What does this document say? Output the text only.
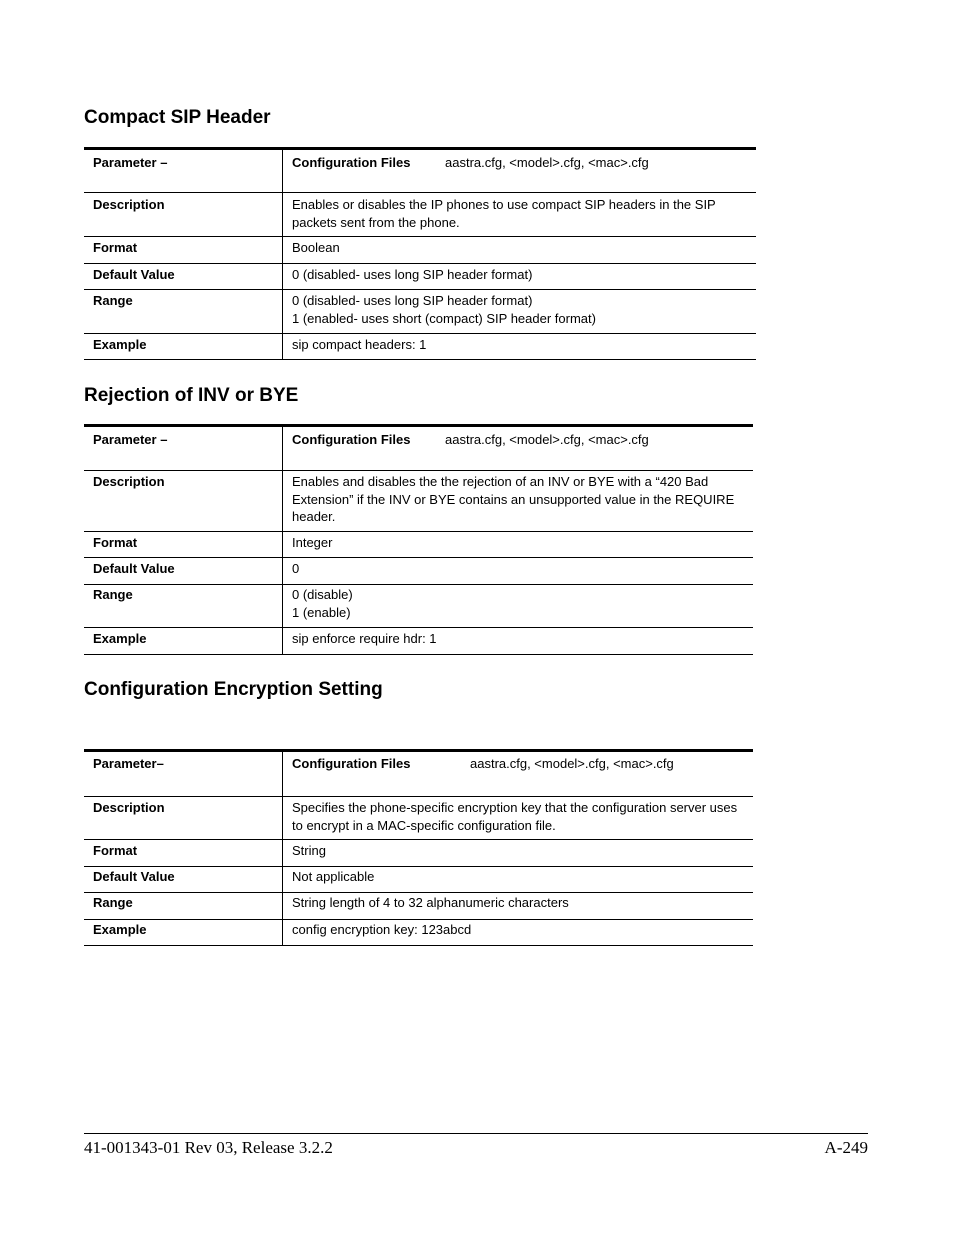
Compact SIP Header
Parameter –	Configuration Files aastra.cfg, <model>.cfg, <mac>.cfg
Description	Enables or disables the IP phones to use compact SIP headers in the SIP packets sent from the phone.

Format	Boolean

Default Value	0 (disabled- uses long SIP header format)

Range	0 (disabled- uses long SIP header format)
1 (enabled- uses short (compact) SIP header format)

Example	sip compact headers: 1
Rejection of INV or BYE
Parameter –	Configuration Files aastra.cfg, <model>.cfg, <mac>.cfg
Description	Enables and disables the the rejection of an INV or BYE with a “420 Bad Extension” if the INV or BYE contains an unsupported value in the REQUIRE header.

Format	Integer

Default Value	0

Range	0 (disable)
1 (enable)

Example	sip enforce require hdr: 1
Configuration Encryption Setting
Parameter–	Configuration Files aastra.cfg, <model>.cfg, <mac>.cfg
Description	Specifies the phone-specific encryption key that the configuration server uses to encrypt in a MAC-specific configuration file.

Format	String

Default Value	Not applicable

Range	String length of 4 to 32 alphanumeric characters

Example	config encryption key: 123abcd
41-001343-01 Rev 03, Release 3.2.2	A-249
